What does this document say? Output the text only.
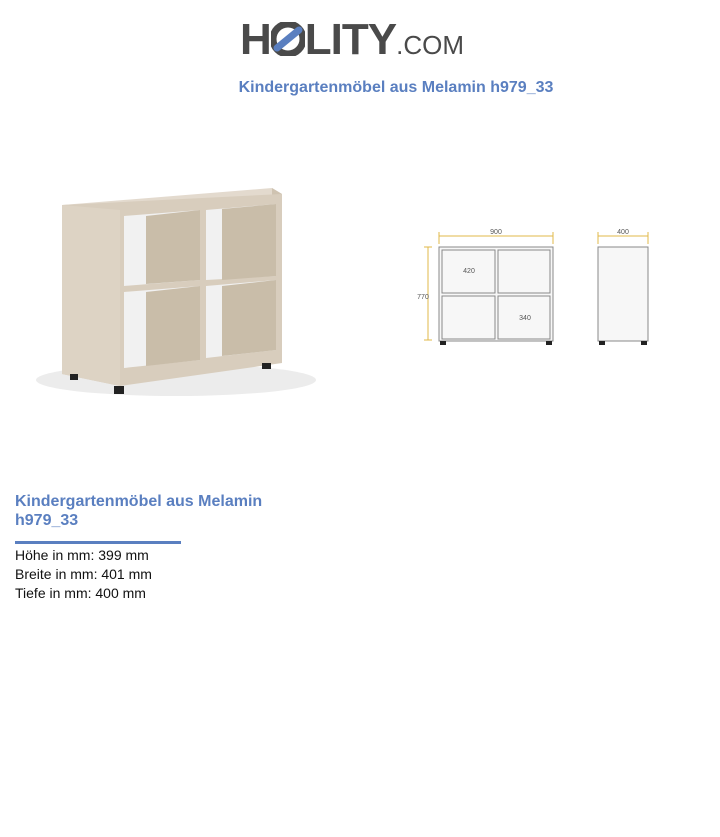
H LITY.COM
Kindergartenmöbel aus Melamin h979_33
900
770
420
340
400
Kindergartenmöbel aus Melamin h979_33
Höhe in mm: 399 mm
Breite in mm: 401 mm
Tiefe in mm: 400 mm
